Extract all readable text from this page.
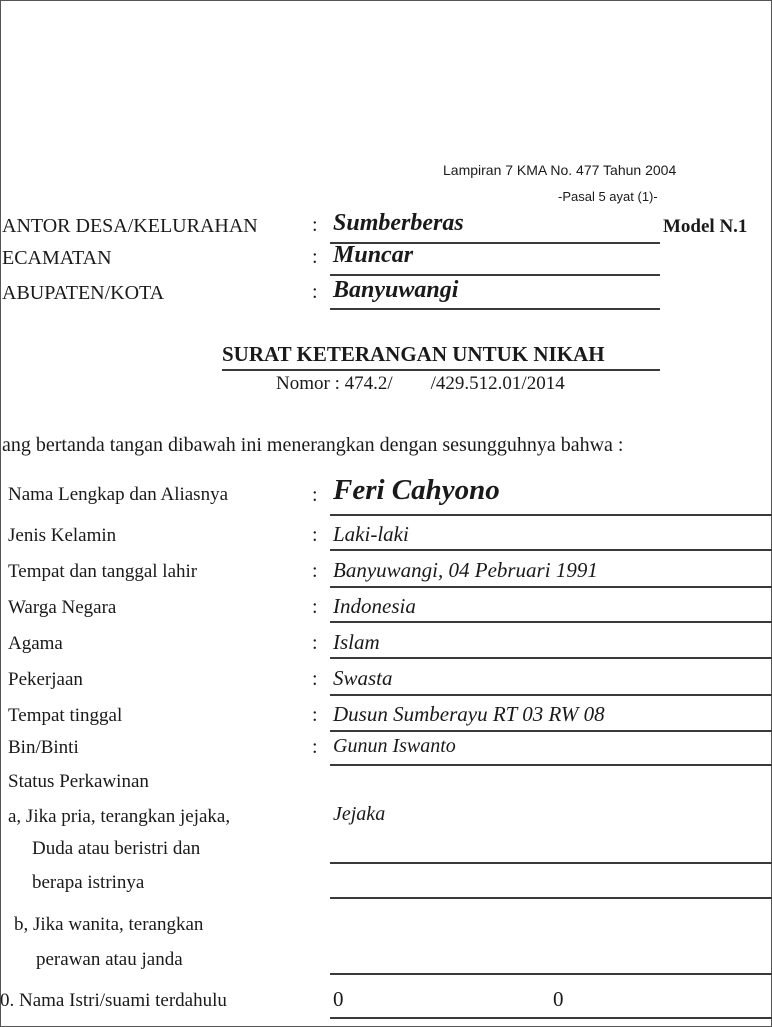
Lampiran 7 KMA No. 477 Tahun 2004
-Pasal 5 ayat (1)-
ANTOR DESA/KELURAHAN	: Sumberberas	Model N.1
ECAMATAN	: Muncar
ABUPATEN/KOTA	: Banyuwangi
SURAT KETERANGAN UNTUK NIKAH
Nomor : 474.2/        /429.512.01/2014
ang bertanda tangan dibawah ini menerangkan dengan sesungguhnya bahwa :
Nama Lengkap dan Aliasnya	: Feri Cahyono
Jenis Kelamin	: Laki-laki
Tempat dan tanggal lahir	: Banyuwangi, 04 Pebruari 1991
Warga Negara	: Indonesia
Agama	: Islam
Pekerjaan	: Swasta
Tempat tinggal	: Dusun Sumberayu RT 03 RW 08
Bin/Binti	: Gunun Iswanto
Status Perkawinan
a, Jika pria, terangkan jejaka,	Jejaka
Duda atau beristri dan
berapa istrinya
b, Jika wanita, terangkan
perawan atau janda
0. Nama Istri/suami terdahulu	0	0
